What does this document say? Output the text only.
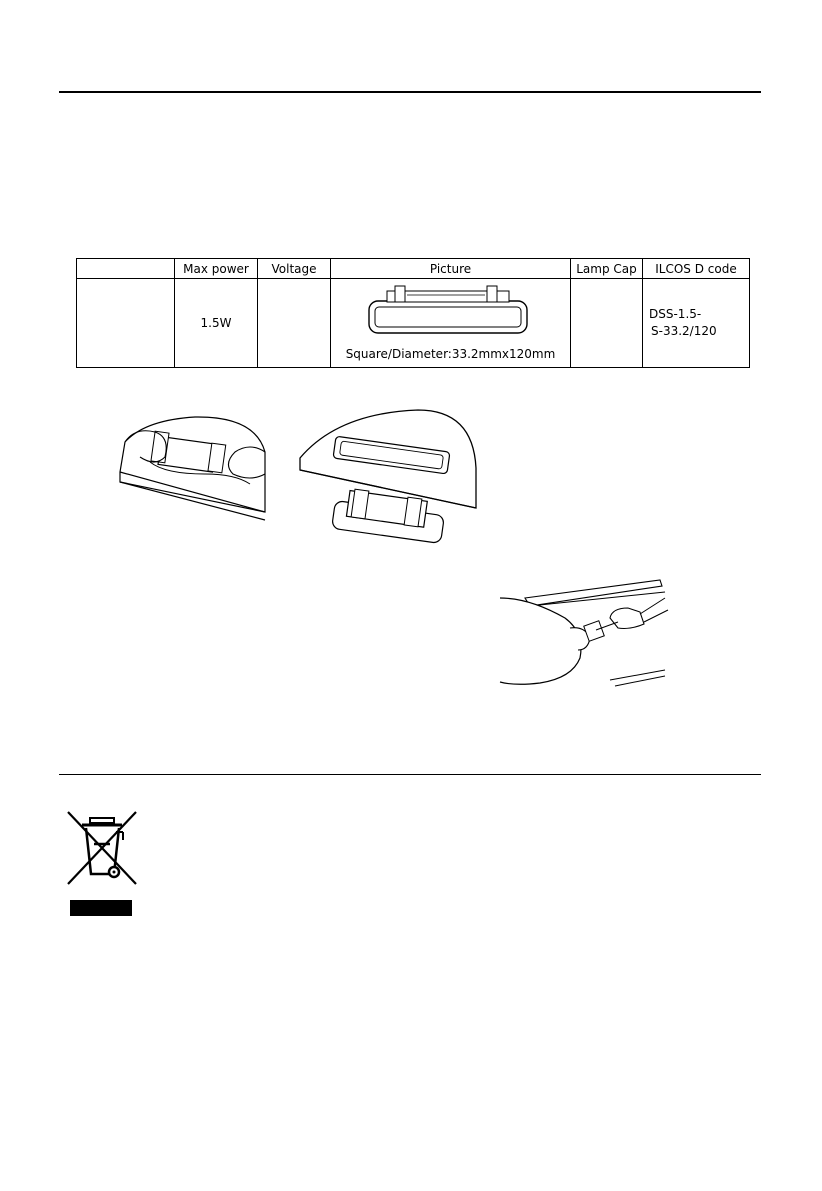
	Max power	Voltage	Picture	Lamp Cap	ILCOS D code
	1.5W		Square/Diameter:33.2mmx120mm		DSS-1.5-
S-33.2/120
